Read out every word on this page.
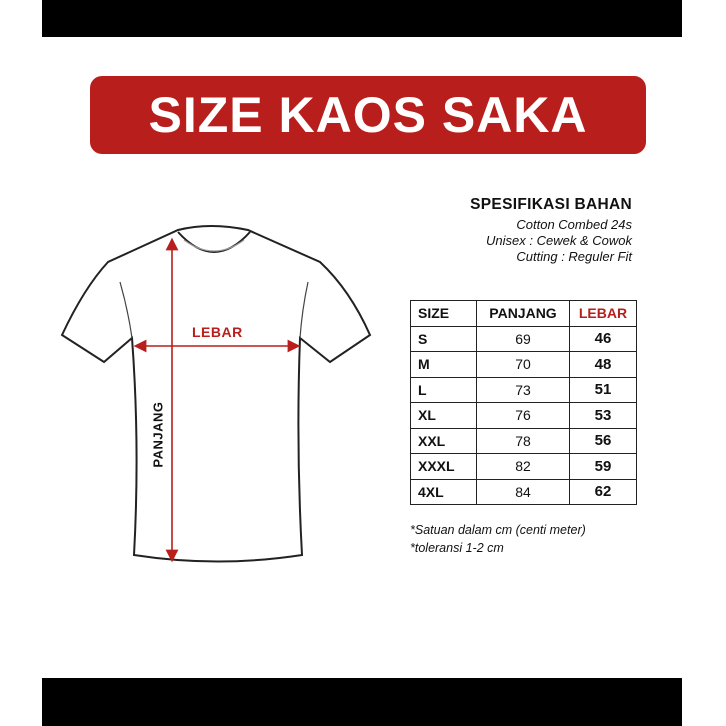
SIZE KAOS SAKA
LEBAR
PANJANG
SPESIFIKASI BAHAN
Cotton Combed 24s
Unisex : Cewek & Cowok
Cutting : Reguler Fit
SIZE	PANJANG	LEBAR
S	69	46
M	70	48
L	73	51
XL	76	53
XXL	78	56
XXXL	82	59
4XL	84	62
*Satuan dalam cm (centi meter)
*toleransi 1-2 cm
